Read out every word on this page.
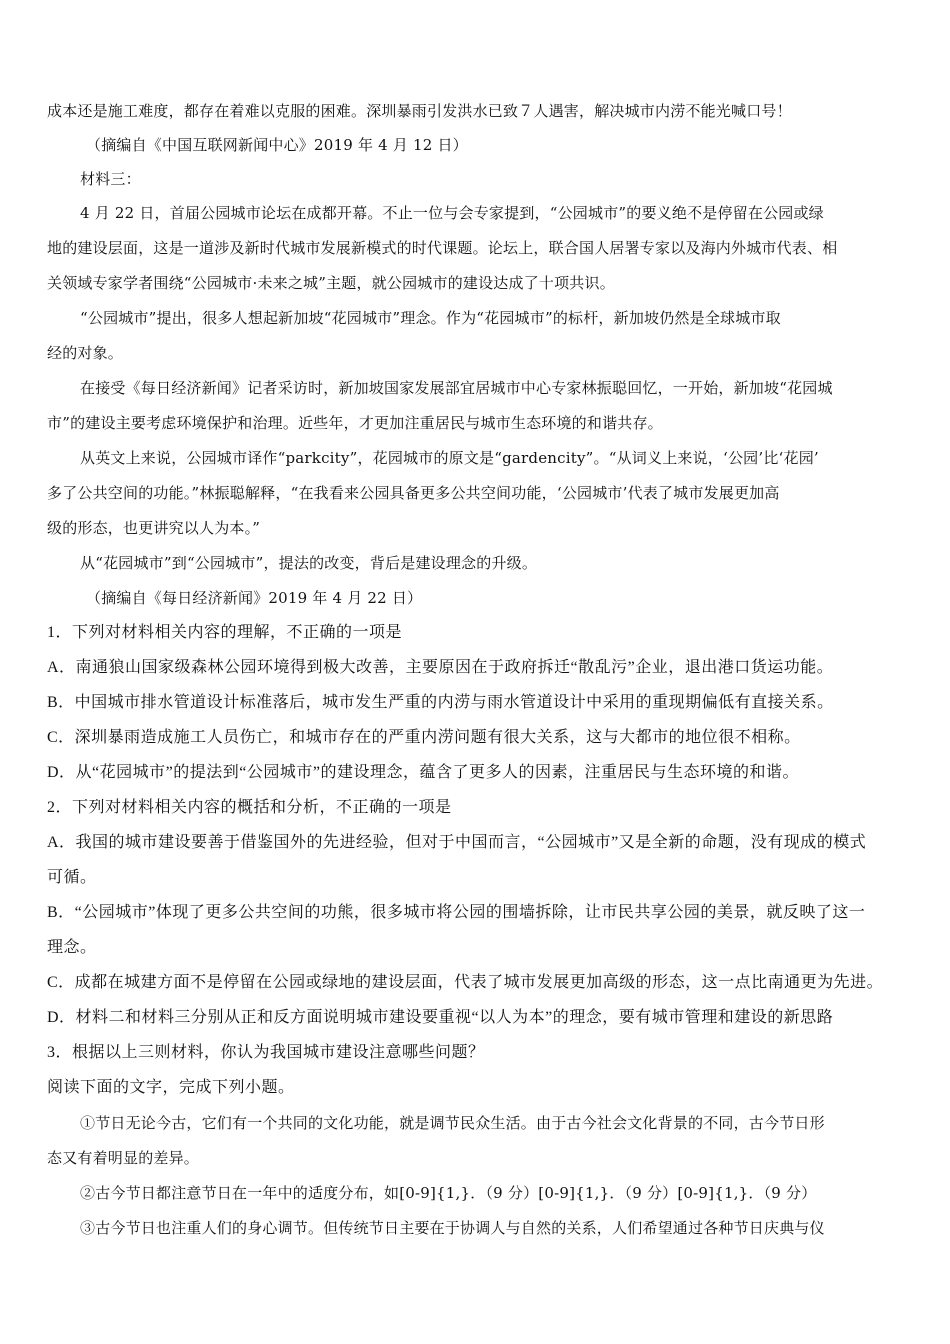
成本还是施工难度，都存在着难以克服的困难。深圳暴雨引发洪水已致７人遇害，解决城市内涝不能光喊口号！
（摘编自《中国互联网新闻中心》2019 年 4 月 12 日）
材料三：
4 月 22 日，首届公园城市论坛在成都开幕。不止一位与会专家提到，“公园城市”的要义绝不是停留在公园或绿
地的建设层面，这是一道涉及新时代城市发展新模式的时代课题。论坛上，联合国人居署专家以及海内外城市代表、相
关领域专家学者围绕“公园城市·未来之城”主题，就公园城市的建设达成了十项共识。
“公园城市”提出，很多人想起新加坡“花园城市”理念。作为“花园城市”的标杆，新加坡仍然是全球城市取
经的对象。
在接受《每日经济新闻》记者采访时，新加坡国家发展部宜居城市中心专家林振聪回忆，一开始，新加坡“花园城
市”的建设主要考虑环境保护和治理。近些年，才更加注重居民与城市生态环境的和谐共存。
从英文上来说，公园城市译作“parkcity”，花园城市的原文是“gardencity”。“从词义上来说，‘公园’比‘花园’
多了公共空间的功能。”林振聪解释，“在我看来公园具备更多公共空间功能，‘公园城市’代表了城市发展更加高
级的形态，也更讲究以人为本。”
从“花园城市”到“公园城市”，提法的改变，背后是建设理念的升级。
（摘编自《每日经济新闻》2019 年 4 月 22 日）
1．下列对材料相关内容的理解，不正确的一项是
A．南通狼山国家级森林公园环境得到极大改善，主要原因在于政府拆迁“散乱污”企业，退出港口货运功能。
B．中国城市排水管道设计标准落后，城市发生严重的内涝与雨水管道设计中采用的重现期偏低有直接关系。
C．深圳暴雨造成施工人员伤亡，和城市存在的严重内涝问题有很大关系，这与大都市的地位很不相称。
D．从“花园城市”的提法到“公园城市”的建设理念，蕴含了更多人的因素，注重居民与生态环境的和谐。
2．下列对材料相关内容的概括和分析，不正确的一项是
A．我国的城市建设要善于借鉴国外的先进经验，但对于中国而言，“公园城市”又是全新的命题，没有现成的模式
可循。
B．“公园城市”体现了更多公共空间的功熊，很多城市将公园的围墙拆除，让市民共享公园的美景，就反映了这一
理念。
C．成都在城建方面不是停留在公园或绿地的建设层面，代表了城市发展更加高级的形态，这一点比南通更为先进。
D．材料二和材料三分别从正和反方面说明城市建设要重视“以人为本”的理念，要有城市管理和建设的新思路
3．根据以上三则材料，你认为我国城市建设注意哪些问题？
阅读下面的文字，完成下列小题。
①节日无论今古，它们有一个共同的文化功能，就是调节民众生活。由于古今社会文化背景的不同，古今节日形
态又有着明显的差异。
②古今节日都注意节日在一年中的适度分布，如[0-9]{1,}．（9 分）[0-9]{1,}．（9 分）[0-9]{1,}．（9 分）
③古今节日也注重人们的身心调节。但传统节日主要在于协调人与自然的关系，人们希望通过各种节日庆典与仪
